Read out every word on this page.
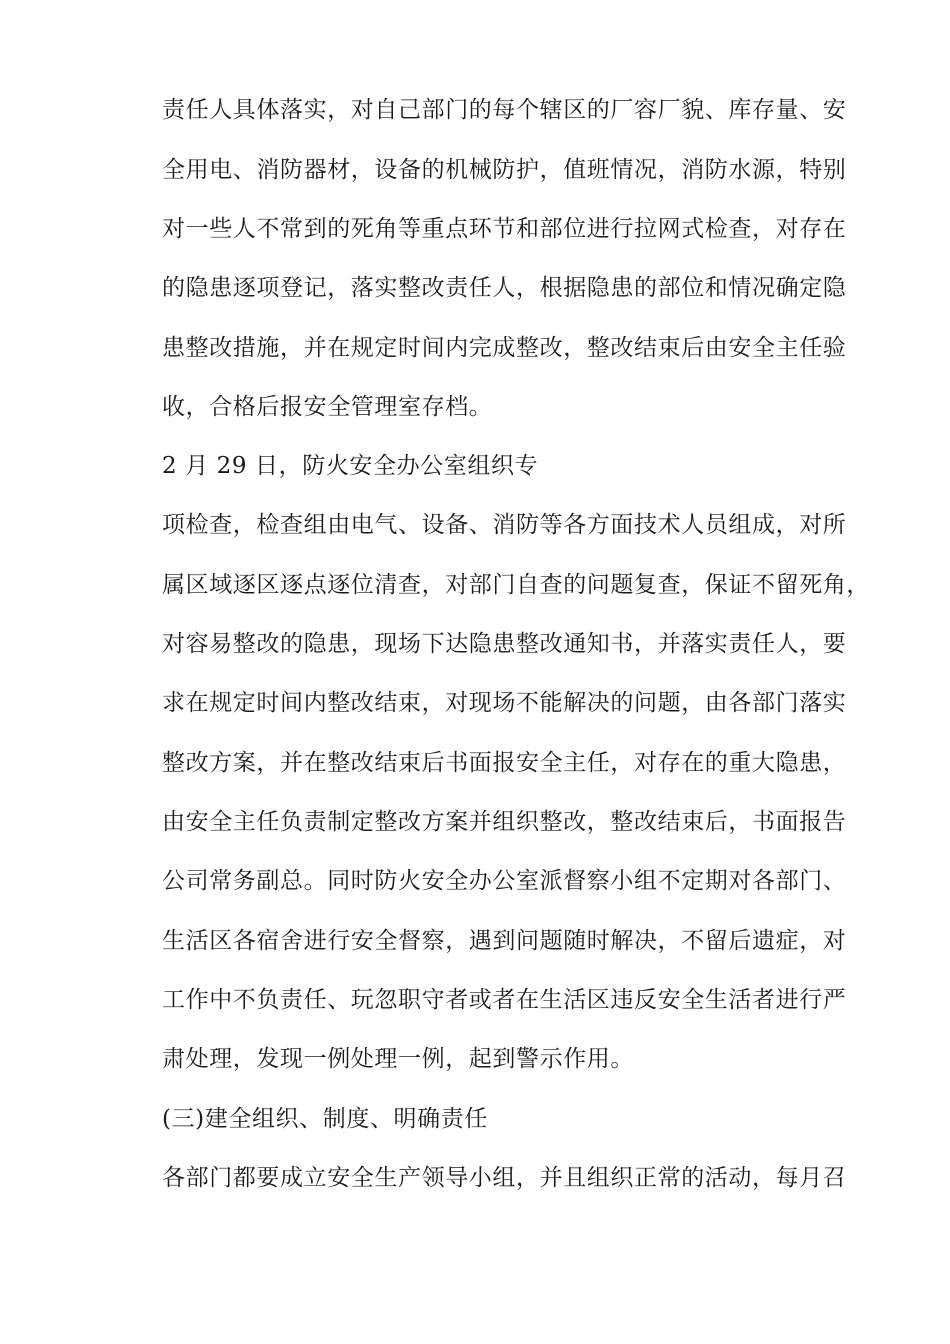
责任人具体落实，对自己部门的每个辖区的厂容厂貌、库存量、安
全用电、消防器材，设备的机械防护，值班情况，消防水源，特别
对一些人不常到的死角等重点环节和部位进行拉网式检查，对存在
的隐患逐项登记，落实整改责任人，根据隐患的部位和情况确定隐
患整改措施，并在规定时间内完成整改，整改结束后由安全主任验
收，合格后报安全管理室存档。
2 月 29 日，防火安全办公室组织专
项检查，检查组由电气、设备、消防等各方面技术人员组成，对所
属区域逐区逐点逐位清查，对部门自查的问题复查，保证不留死角，
对容易整改的隐患，现场下达隐患整改通知书，并落实责任人，要
求在规定时间内整改结束，对现场不能解决的问题，由各部门落实
整改方案，并在整改结束后书面报安全主任，对存在的重大隐患，
由安全主任负责制定整改方案并组织整改，整改结束后，书面报告
公司常务副总。同时防火安全办公室派督察小组不定期对各部门、
生活区各宿舍进行安全督察，遇到问题随时解决，不留后遗症，对
工作中不负责任、玩忽职守者或者在生活区违反安全生活者进行严
肃处理，发现一例处理一例，起到警示作用。
(三)建全组织、制度、明确责任
各部门都要成立安全生产领导小组，并且组织正常的活动，每月召
